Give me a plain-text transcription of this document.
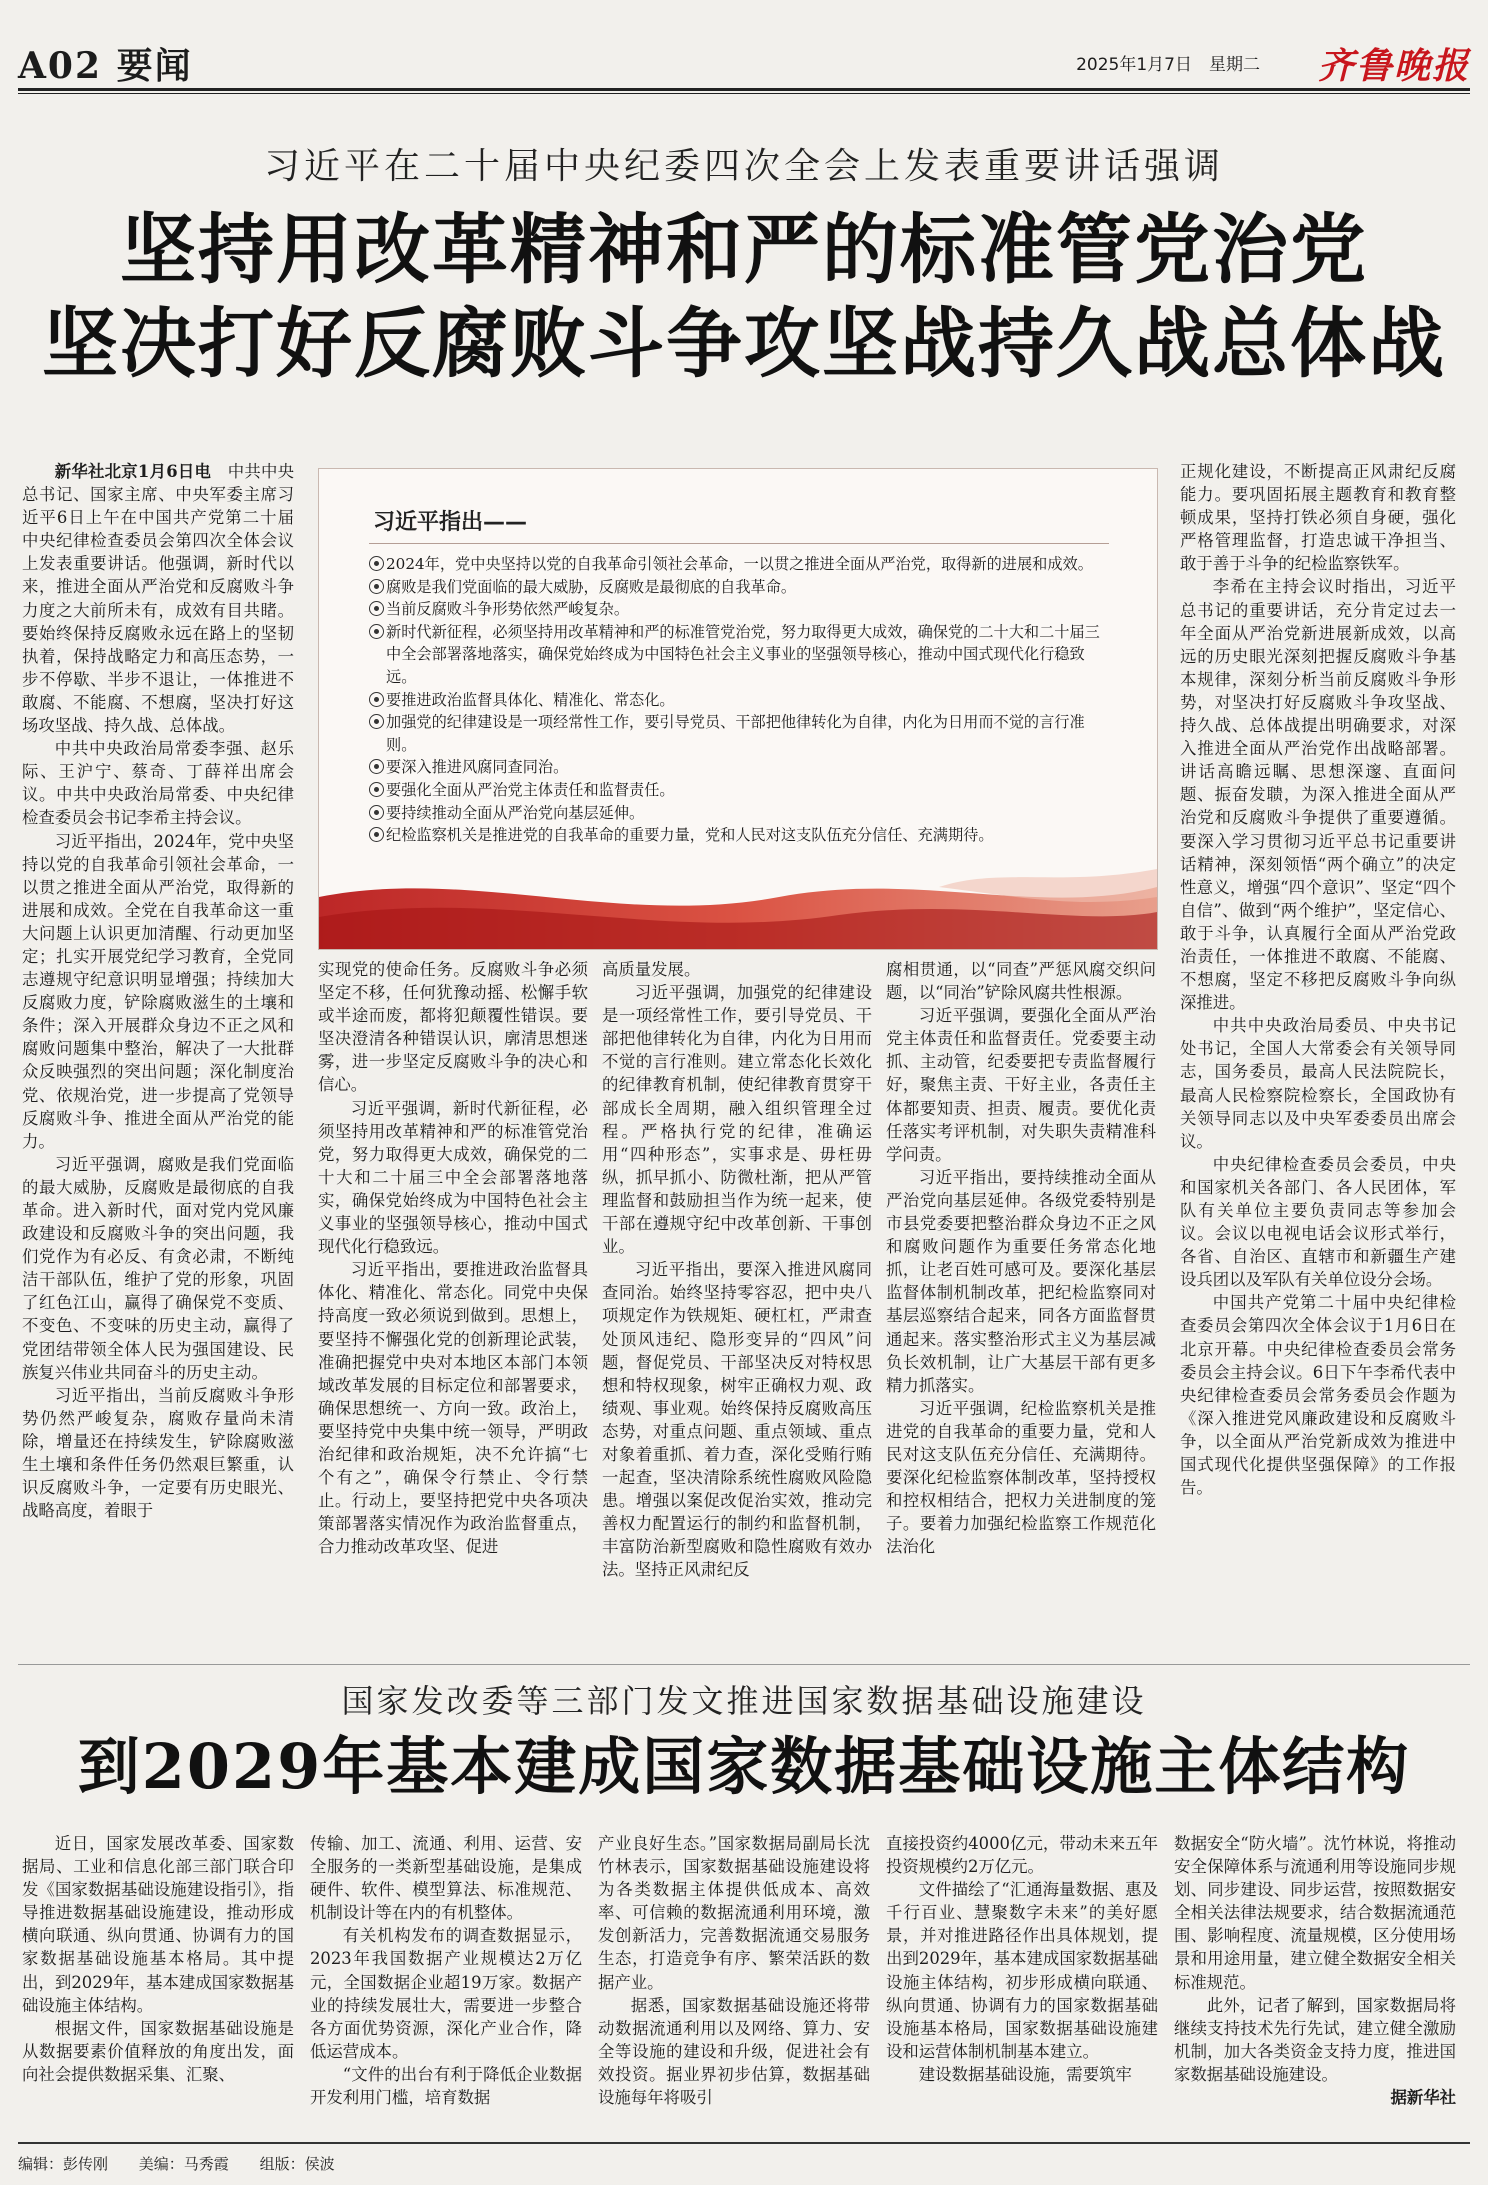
A02 要闻	2025年1月7日　星期二 齐鲁晚报
习近平在二十届中央纪委四次全会上发表重要讲话强调
坚持用改革精神和严的标准管党治党
坚决打好反腐败斗争攻坚战持久战总体战

新华社北京1月6日电　 中共中央总书记、国家主席、中央军委主席习近平6日上午在中国共产党第二十届中央纪律检查委员会第四次全体会议上发表重要讲话。他强调，新时代以来，推进全面从严治党和反腐败斗争力度之大前所未有，成效有目共睹。要始终保持反腐败永远在路上的坚韧执着，保持战略定力和高压态势，一步不停歇、半步不退让，一体推进不敢腐、不能腐、不想腐，坚决打好这场攻坚战、持久战、总体战。

中共中央政治局常委李强、赵乐际、王沪宁、蔡奇、丁薛祥出席会议。中共中央政治局常委、中央纪律检查委员会书记李希主持会议。

习近平指出，2024年，党中央坚持以党的自我革命引领社会革命，一以贯之推进全面从严治党，取得新的进展和成效。全党在自我革命这一重大问题上认识更加清醒、行动更加坚定；扎实开展党纪学习教育，全党同志遵规守纪意识明显增强；持续加大反腐败力度，铲除腐败滋生的土壤和条件；深入开展群众身边不正之风和腐败问题集中整治，解决了一大批群众反映强烈的突出问题；深化制度治党、依规治党，进一步提高了党领导反腐败斗争、推进全面从严治党的能力。

习近平强调，腐败是我们党面临的最大威胁，反腐败是最彻底的自我革命。进入新时代，面对党内党风廉政建设和反腐败斗争的突出问题，我们党作为有必反、有贪必肃，不断纯洁干部队伍，维护了党的形象，巩固了红色江山，赢得了确保党不变质、不变色、不变味的历史主动，赢得了党团结带领全体人民为强国建设、民族复兴伟业共同奋斗的历史主动。

习近平指出，当前反腐败斗争形势仍然严峻复杂，腐败存量尚未清除，增量还在持续发生，铲除腐败滋生土壤和条件任务仍然艰巨繁重，认识反腐败斗争，一定要有历史眼光、战略高度，着眼于

习近平指出——
2024年，党中央坚持以党的自我革命引领社会革命，一以贯之推进全面从严治党，取得新的进展和成效。
腐败是我们党面临的最大威胁，反腐败是最彻底的自我革命。
当前反腐败斗争形势依然严峻复杂。
新时代新征程，必须坚持用改革精神和严的标准管党治党，努力取得更大成效，确保党的二十大和二十届三中全会部署落地落实，确保党始终成为中国特色社会主义事业的坚强领导核心，推动中国式现代化行稳致远。
要推进政治监督具体化、精准化、常态化。
加强党的纪律建设是一项经常性工作，要引导党员、干部把他律转化为自律，内化为日用而不觉的言行准则。
要深入推进风腐同查同治。
要强化全面从严治党主体责任和监督责任。
要持续推动全面从严治党向基层延伸。
纪检监察机关是推进党的自我革命的重要力量，党和人民对这支队伍充分信任、充满期待。

实现党的使命任务。反腐败斗争必须坚定不移，任何犹豫动摇、松懈手软或半途而废，都将犯颠覆性错误。要坚决澄清各种错误认识，廓清思想迷雾，进一步坚定反腐败斗争的决心和信心。

习近平强调，新时代新征程，必须坚持用改革精神和严的标准管党治党，努力取得更大成效，确保党的二十大和二十届三中全会部署落地落实，确保党始终成为中国特色社会主义事业的坚强领导核心，推动中国式现代化行稳致远。

习近平指出，要推进政治监督具体化、精准化、常态化。同党中央保持高度一致必须说到做到。思想上，要坚持不懈强化党的创新理论武装，准确把握党中央对本地区本部门本领域改革发展的目标定位和部署要求，确保思想统一、方向一致。政治上，要坚持党中央集中统一领导，严明政治纪律和政治规矩，决不允许搞“七个有之”，确保令行禁止、令行禁止。行动上，要坚持把党中央各项决策部署落实情况作为政治监督重点，合力推动改革攻坚、促进

高质量发展。

习近平强调，加强党的纪律建设是一项经常性工作，要引导党员、干部把他律转化为自律，内化为日用而不觉的言行准则。建立常态化长效化的纪律教育机制，使纪律教育贯穿干部成长全周期，融入组织管理全过程。严格执行党的纪律，准确运用“四种形态”，实事求是、毋枉毋纵，抓早抓小、防微杜渐，把从严管理监督和鼓励担当作为统一起来，使干部在遵规守纪中改革创新、干事创业。

习近平指出，要深入推进风腐同查同治。始终坚持零容忍，把中央八项规定作为铁规矩、硬杠杠，严肃查处顶风违纪、隐形变异的“四风”问题，督促党员、干部坚决反对特权思想和特权现象，树牢正确权力观、政绩观、事业观。始终保持反腐败高压态势，对重点问题、重点领域、重点对象着重抓、着力查，深化受贿行贿一起查，坚决清除系统性腐败风险隐患。增强以案促改促治实效，推动完善权力配置运行的制约和监督机制，丰富防治新型腐败和隐性腐败有效办法。坚持正风肃纪反

腐相贯通，以“同查”严惩风腐交织问题，以“同治”铲除风腐共性根源。

习近平强调，要强化全面从严治党主体责任和监督责任。党委要主动抓、主动管，纪委要把专责监督履行好，聚焦主责、干好主业，各责任主体都要知责、担责、履责。要优化责任落实考评机制，对失职失责精准科学问责。

习近平指出，要持续推动全面从严治党向基层延伸。各级党委特别是市县党委要把整治群众身边不正之风和腐败问题作为重要任务常态化地抓，让老百姓可感可及。要深化基层监督体制机制改革，把纪检监察同对基层巡察结合起来，同各方面监督贯通起来。落实整治形式主义为基层减负长效机制，让广大基层干部有更多精力抓落实。

习近平强调，纪检监察机关是推进党的自我革命的重要力量，党和人民对这支队伍充分信任、充满期待。要深化纪检监察体制改革，坚持授权和控权相结合，把权力关进制度的笼子。要着力加强纪检监察工作规范化法治化

正规化建设，不断提高正风肃纪反腐能力。要巩固拓展主题教育和教育整顿成果，坚持打铁必须自身硬，强化严格管理监督，打造忠诚干净担当、敢于善于斗争的纪检监察铁军。

李希在主持会议时指出，习近平总书记的重要讲话，充分肯定过去一年全面从严治党新进展新成效，以高远的历史眼光深刻把握反腐败斗争基本规律，深刻分析当前反腐败斗争形势，对坚决打好反腐败斗争攻坚战、持久战、总体战提出明确要求，对深入推进全面从严治党作出战略部署。讲话高瞻远瞩、思想深邃、直面问题、振奋发聩，为深入推进全面从严治党和反腐败斗争提供了重要遵循。要深入学习贯彻习近平总书记重要讲话精神，深刻领悟“两个确立”的决定性意义，增强“四个意识”、坚定“四个自信”、做到“两个维护”，坚定信心、敢于斗争，认真履行全面从严治党政治责任，一体推进不敢腐、不能腐、不想腐，坚定不移把反腐败斗争向纵深推进。

中共中央政治局委员、中央书记处书记，全国人大常委会有关领导同志，国务委员，最高人民法院院长，最高人民检察院检察长，全国政协有关领导同志以及中央军委委员出席会议。

中央纪律检查委员会委员，中央和国家机关各部门、各人民团体，军队有关单位主要负责同志等参加会议。会议以电视电话会议形式举行，各省、自治区、直辖市和新疆生产建设兵团以及军队有关单位设分会场。

中国共产党第二十届中央纪律检查委员会第四次全体会议于1月6日在北京开幕。中央纪律检查委员会常务委员会主持会议。6日下午李希代表中央纪律检查委员会常务委员会作题为《深入推进党风廉政建设和反腐败斗争，以全面从严治党新成效为推进中国式现代化提供坚强保障》的工作报告。

国家发改委等三部门发文推进国家数据基础设施建设
到2029年基本建成国家数据基础设施主体结构

近日，国家发展改革委、国家数据局、工业和信息化部三部门联合印发《国家数据基础设施建设指引》，指导推进数据基础设施建设，推动形成横向联通、纵向贯通、协调有力的国家数据基础设施基本格局。其中提出，到2029年，基本建成国家数据基础设施主体结构。

根据文件，国家数据基础设施是从数据要素价值释放的角度出发，面向社会提供数据采集、汇聚、

传输、加工、流通、利用、运营、安全服务的一类新型基础设施，是集成硬件、软件、模型算法、标准规范、机制设计等在内的有机整体。

有关机构发布的调查数据显示，2023年我国数据产业规模达2万亿元，全国数据企业超19万家。数据产业的持续发展壮大，需要进一步整合各方面优势资源，深化产业合作，降低运营成本。

“文件的出台有利于降低企业数据开发利用门槛，培育数据

产业良好生态。”国家数据局副局长沈竹林表示，国家数据基础设施建设将为各类数据主体提供低成本、高效率、可信赖的数据流通利用环境，激发创新活力，完善数据流通交易服务生态，打造竞争有序、繁荣活跃的数据产业。

据悉，国家数据基础设施还将带动数据流通利用以及网络、算力、安全等设施的建设和升级，促进社会有效投资。据业界初步估算，数据基础设施每年将吸引

直接投资约4000亿元，带动未来五年投资规模约2万亿元。

文件描绘了“汇通海量数据、惠及千行百业、慧聚数字未来”的美好愿景，并对推进路径作出具体规划，提出到2029年，基本建成国家数据基础设施主体结构，初步形成横向联通、纵向贯通、协调有力的国家数据基础设施基本格局，国家数据基础设施建设和运营体制机制基本建立。

建设数据基础设施，需要筑牢

数据安全“防火墙”。沈竹林说，将推动安全保障体系与流通利用等设施同步规划、同步建设、同步运营，按照数据安全相关法律法规要求，结合数据流通范围、影响程度、流量规模，区分使用场景和用途用量，建立健全数据安全相关标准规范。

此外，记者了解到，国家数据局将继续支持技术先行先试，建立健全激励机制，加大各类资金支持力度，推进国家数据基础设施建设。

据新华社

编辑：彭传刚 美编：马秀霞 组版：侯波
